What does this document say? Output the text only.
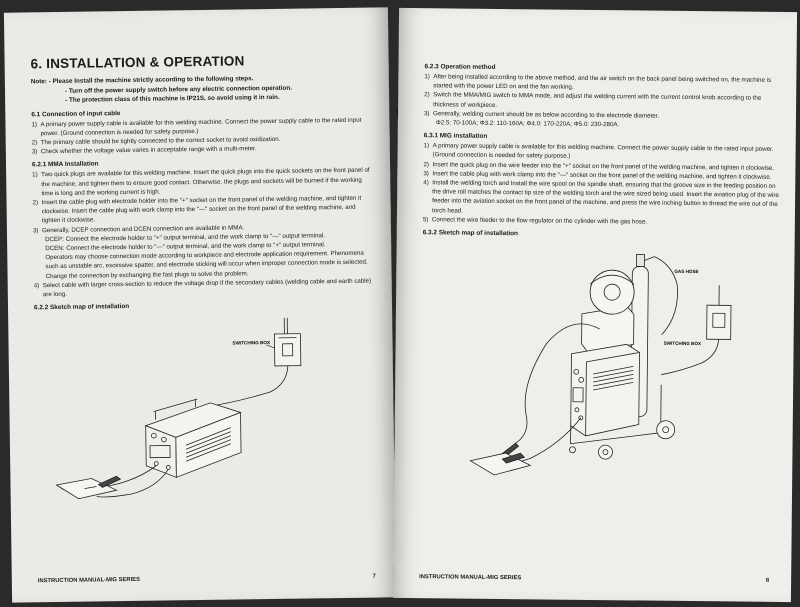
6. INSTALLATION & OPERATION
Note: - Please Install the machine strictly according to the following steps.
- Turn off the power supply switch before any electric connection operation.
- The protection class of this machine is IP21S, so avoid using it in rain.
6.1 Connection of input cable
1) A primary power supply cable is available for this welding machine. Connect the power supply cable to the rated input power. (Ground connection is needed for safety purpose.)
2) The primary cable should be tightly connected to the correct socket to avoid oxidization.
3) Check whether the voltage value varies in acceptable range with a multi-meter.
6.2.1 MMA Installation
1) Two quick plugs are available for this welding machine. Insert the quick plugs into the quick sockets on the front panel of the machine, and tighten them to ensure good contact. Otherwise, the plugs and sockets will be burned if the working time is long and the working current is high.
2) Insert the cable plug with electrode holder into the "+" socket on the front panel of the welding machine, and tighten it clockwise. Insert the cable plug with work clamp into the "—" socket on the front panel of the welding machine, and tighten it clockwise.
3) Generally, DCEP connection and DCEN connection are available in MMA.
DCEP: Connect the electrode holder to "+" output terminal, and the work clamp to "—" output terminal.
DCEN: Connect the electrode holder to "—" output terminal, and the work clamp to "+" output terminal.
Operators may choose connection mode according to workpiece and electrode application requirement. Phenomena such as unstable arc, excessive spatter, and electrode sticking will occur when improper connection mode is selected. Change the connection by exchanging the fast plugs to solve the problem.
4) Select cable with larger cross-section to reduce the voltage drop if the secondary cables (welding cable and earth cable) are long.
6.2.2 Sketch map of installation
SWITCHING BOX
INSTRUCTION MANUAL-MIG SERIES
7
6.2.3 Operation method
1) After being installed according to the above method, and the air switch on the back panel being switched on, the machine is started with the power LED on and the fan working.
2) Switch the MMA/MIG switch to MMA mode, and adjust the welding current with the current control knob according to the thickness of workpiece.
3) Generally, welding current should be as below according to the electrode diameter.
Φ2.5: 70-100A; Φ3.2: 110-160A; Φ4.0: 170-220A; Φ5.0: 230-280A.
6.3.1 MIG installation
1) A primary power supply cable is available for this welding machine. Connect the power supply cable to the rated input power. (Ground connection is needed for safety purpose.)
2) Insert the quick plug on the wire feeder into the "+" socket on the front panel of the welding machine, and tighten it clockwise.
3) Insert the cable plug with work clamp into the "—" socket on the front panel of the welding machine, and tighten it clockwise.
4) Install the welding torch and Install the wire spool on the spindle shaft, ensuring that the groove size in the feeding position on the drive roll matches the contact tip size of the welding torch and the wire sized being used. Insert the aviation plug of the wire feeder into the aviation socket on the front panel of the machine, and press the wire inching button to thread the wire out of the torch head.
5) Connect the wire feeder to the flow regulator on the cylinder with the gas hose.
6.3.2 Sketch map of installation
GAS HOSE
SWITCHING BOX
INSTRUCTION MANUAL-MIG SERIES	8
